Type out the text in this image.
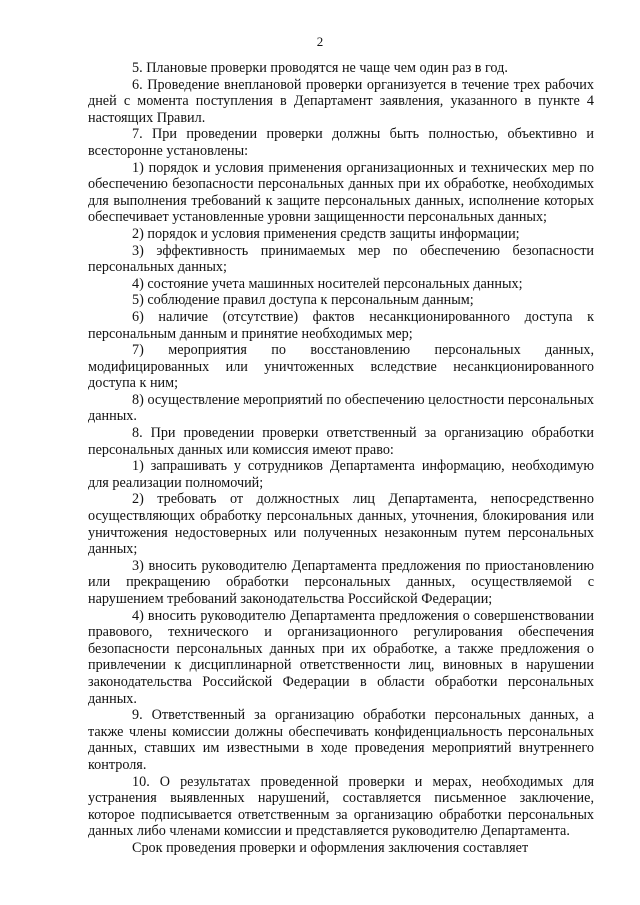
2

5. Плановые проверки проводятся не чаще чем один раз в год.

6. Проведение внеплановой проверки организуется в течение трех рабочих дней с момента поступления в Департамент заявления, указанного в пункте 4 настоящих Правил.

7. При проведении проверки должны быть полностью, объективно и всесторонне установлены:

1) порядок и условия применения организационных и технических мер по обеспечению безопасности персональных данных при их обработке, необходимых для выполнения требований к защите персональных данных, исполнение которых обеспечивает установленные уровни защищенности персональных данных;

2) порядок и условия применения средств защиты информации;

3) эффективность принимаемых мер по обеспечению безопасности персональных данных;

4) состояние учета машинных носителей персональных данных;

5) соблюдение правил доступа к персональным данным;

6) наличие (отсутствие) фактов несанкционированного доступа к персональным данным и принятие необходимых мер;

7) мероприятия по восстановлению персональных данных, модифицированных или уничтоженных вследствие несанкционированного доступа к ним;

8) осуществление мероприятий по обеспечению целостности персональных данных.

8. При проведении проверки ответственный за организацию обработки персональных данных или комиссия имеют право:

1) запрашивать у сотрудников Департамента информацию, необходимую для реализации полномочий;

2) требовать от должностных лиц Департамента, непосредственно осуществляющих обработку персональных данных, уточнения, блокирования или уничтожения недостоверных или полученных незаконным путем персональных данных;

3) вносить руководителю Департамента предложения по приостановлению или прекращению обработки персональных данных, осуществляемой с нарушением требований законодательства Российской Федерации;

4) вносить руководителю Департамента предложения о совершенствовании правового, технического и организационного регулирования обеспечения безопасности персональных данных при их обработке, а также предложения о привлечении к дисциплинарной ответственности лиц, виновных в нарушении законодательства Российской Федерации в области обработки персональных данных.

9. Ответственный за организацию обработки персональных данных, а также члены комиссии должны обеспечивать конфиденциальность персональных данных, ставших им известными в ходе проведения мероприятий внутреннего контроля.

10. О результатах проведенной проверки и мерах, необходимых для устранения выявленных нарушений, составляется письменное заключение, которое подписывается ответственным за организацию обработки персональных данных либо членами комиссии и представляется руководителю Департамента.

Срок проведения проверки и оформления заключения составляет
